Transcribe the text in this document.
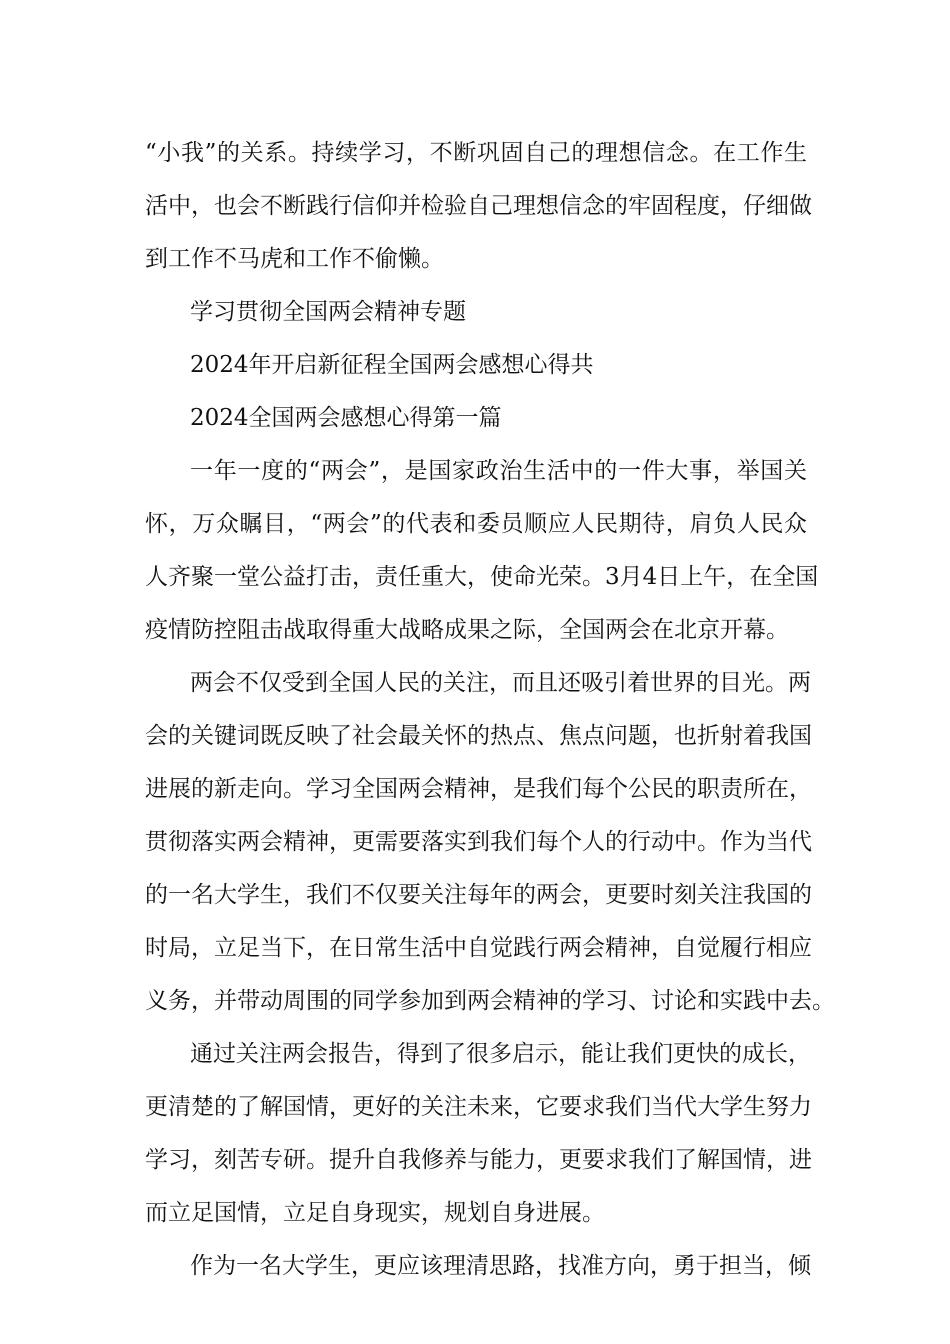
“小我”的关系。持续学习，不断巩固自己的理想信念。在工作生
活中，也会不断践行信仰并检验自己理想信念的牢固程度，仔细做
到工作不马虎和工作不偷懒。
学习贯彻全国两会精神专题
2024年开启新征程全国两会感想心得共
2024全国两会感想心得第一篇
一年一度的“两会”，是国家政治生活中的一件大事，举国关
怀，万众瞩目，“两会”的代表和委员顺应人民期待，肩负人民众
人齐聚一堂公益打击，责任重大，使命光荣。3月4日上午，在全国
疫情防控阻击战取得重大战略成果之际，全国两会在北京开幕。
两会不仅受到全国人民的关注，而且还吸引着世界的目光。两
会的关键词既反映了社会最关怀的热点、焦点问题，也折射着我国
进展的新走向。学习全国两会精神，是我们每个公民的职责所在，
贯彻落实两会精神，更需要落实到我们每个人的行动中。作为当代
的一名大学生，我们不仅要关注每年的两会，更要时刻关注我国的
时局，立足当下，在日常生活中自觉践行两会精神，自觉履行相应
义务，并带动周围的同学参加到两会精神的学习、讨论和实践中去。
通过关注两会报告，得到了很多启示，能让我们更快的成长，
更清楚的了解国情，更好的关注未来，它要求我们当代大学生努力
学习，刻苦专研。提升自我修养与能力，更要求我们了解国情，进
而立足国情，立足自身现实，规划自身进展。
作为一名大学生，更应该理清思路，找准方向，勇于担当，倾
